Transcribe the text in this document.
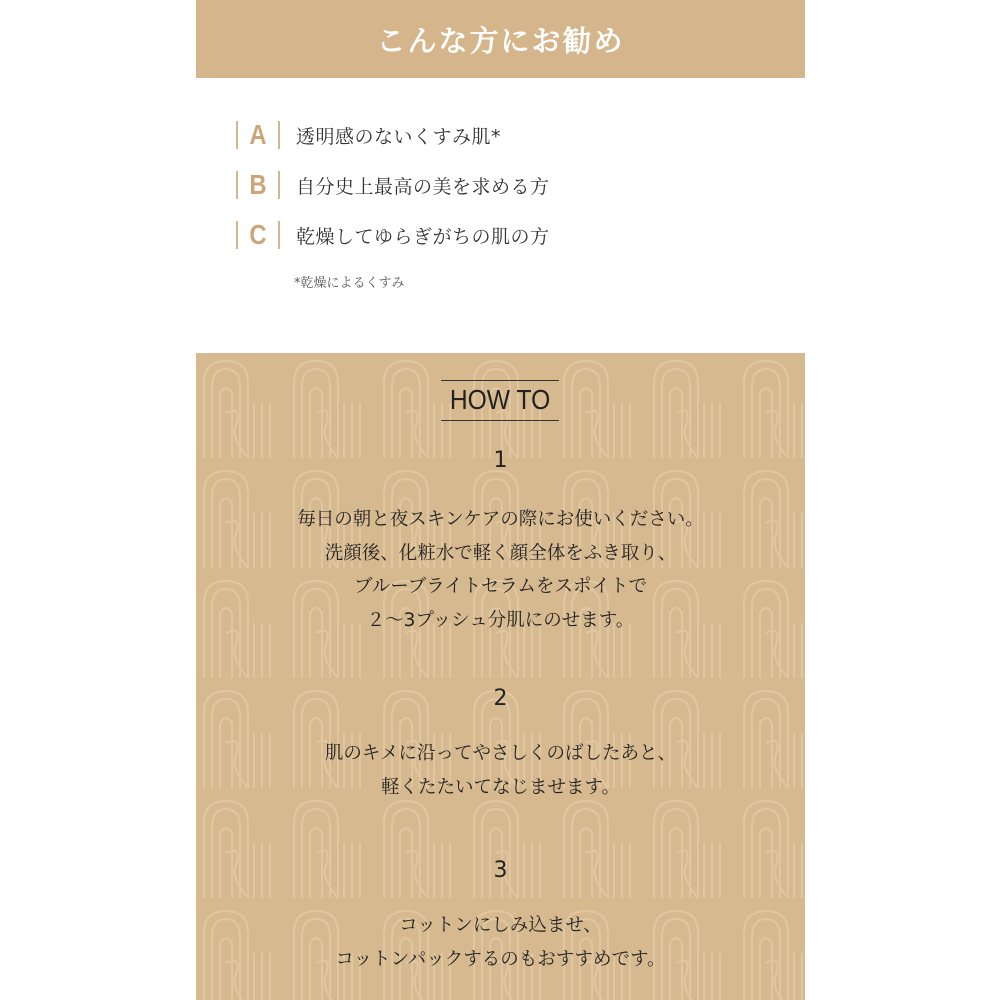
こんな方にお勧め
A 透明感のないくすみ肌*
B 自分史上最高の美を求める方
C 乾燥してゆらぎがちの肌の方
*乾燥によるくすみ
HOW TO
1
毎日の朝と夜スキンケアの際にお使いください。
洗顔後、化粧水で軽く顔全体をふき取り、
ブルーブライトセラムをスポイトで
２〜3プッシュ分肌にのせます。
2
肌のキメに沿ってやさしくのばしたあと、
軽くたたいてなじませます。
3
コットンにしみ込ませ、
コットンパックするのもおすすめです。
